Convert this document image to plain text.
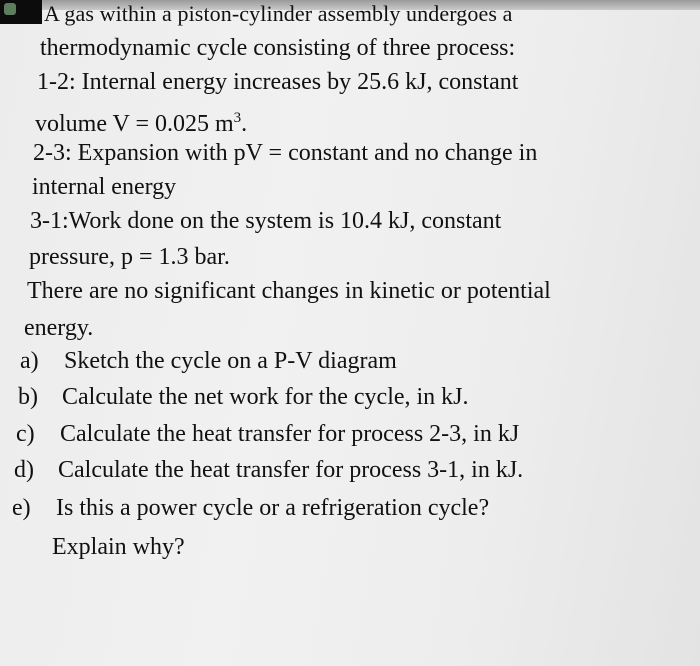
A gas within a piston-cylinder assembly undergoes a
thermodynamic cycle consisting of three process:
1-2: Internal energy increases by 25.6 kJ, constant
volume V = 0.025 $m^3$.
2-3: Expansion with pV = constant and no change in
internal energy
3-1:Work done on the system is 10.4 kJ, constant
pressure, p = 1.3 bar.
There are no significant changes in kinetic or potential
energy.
a) Sketch the cycle on a P-V diagram
b) Calculate the net work for the cycle, in kJ.
c) Calculate the heat transfer for process 2-3, in kJ
d) Calculate the heat transfer for process 3-1, in kJ.
e) Is this a power cycle or a refrigeration cycle?
Explain why?
